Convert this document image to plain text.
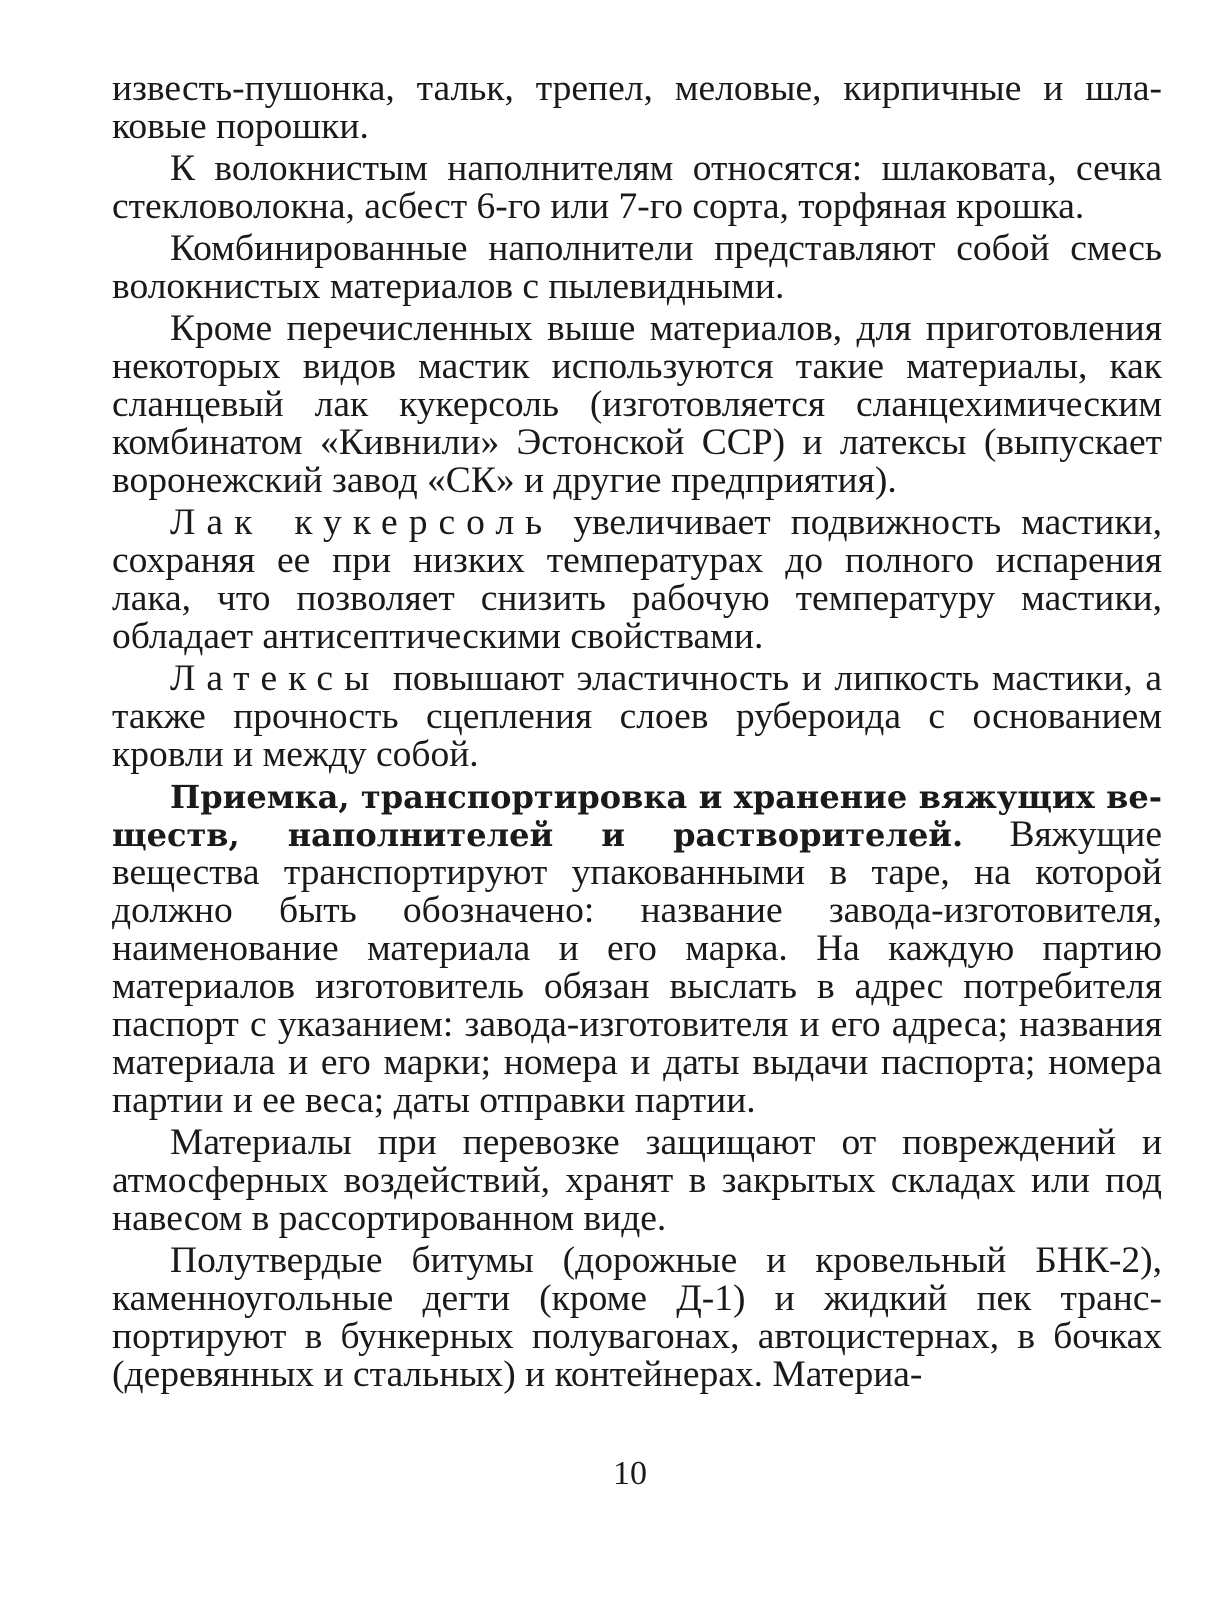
известь-пушонка, тальк, трепел, меловые, кирпичные и шлаковые порошки.

К волокнистым наполнителям относятся: шлаковата, сечка стекловолокна, асбест 6-го или 7-го сорта, торфяная крошка.

Комбинированные наполнители представляют собой смесь волокнистых материалов с пылевидными.

Кроме перечисленных выше материалов, для приготовления некоторых видов мастик используются такие материалы, как сланцевый лак кукерсоль (изготовляется сланцехимическим комбинатом «Кивнили» Эстонской ССР) и латексы (выпускает воронежский завод «СК» и другие предприятия).

Лак кукерсоль увеличивает подвижность мастики, сохраняя ее при низких температурах до полного испарения лака, что позволяет снизить рабочую температуру мастики, обладает антисептическими свойствами.

Латексы повышают эластичность и липкость мастики, а также прочность сцепления слоев рубероида с основанием кровли и между собой.

Приемка, транспортировка и хранение вяжущих веществ, наполнителей и растворителей. Вяжущие вещества транспортируют упакованными в таре, на которой должно быть обозначено: название завода-изготовителя, наименование материала и его марка. На каждую партию материалов изготовитель обязан выслать в адрес потребителя паспорт с указанием: завода-изготовителя и его адреса; названия материала и его марки; номера и даты выдачи паспорта; номера партии и ее веса; даты отправки партии.

Материалы при перевозке защищают от повреждений и атмосферных воздействий, хранят в закрытых складах или под навесом в рассортированном виде.

Полутвердые битумы (дорожные и кровельный БНК-2), каменноугольные дегти (кроме Д-1) и жидкий пек транспортируют в бункерных полувагонах, автоцистернах, в бочках (деревянных и стальных) и контейнерах. Материа-

10
